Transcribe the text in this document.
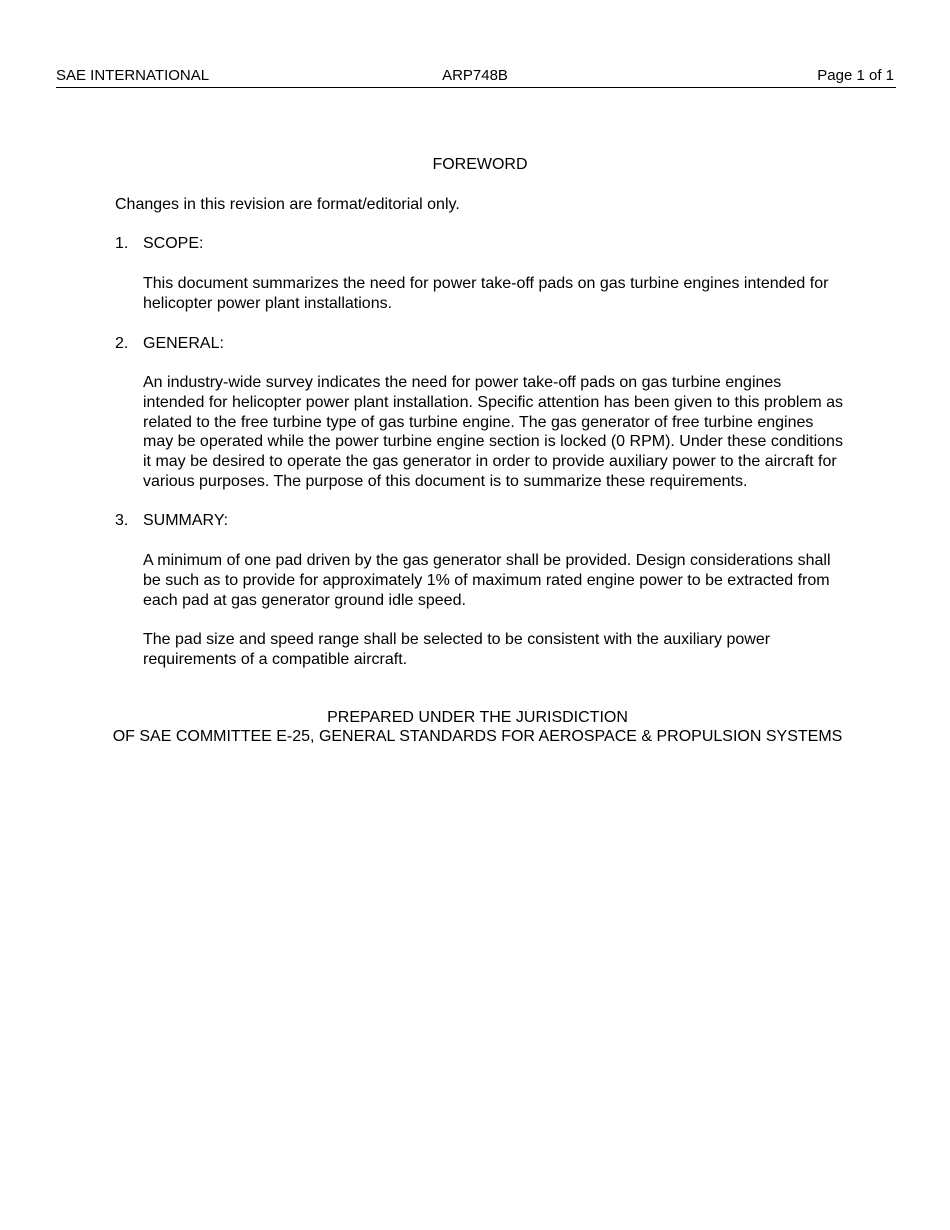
SAE INTERNATIONAL	ARP748B	Page 1 of 1
FOREWORD
Changes in this revision are format/editorial only.
1. SCOPE:
This document summarizes the need for power take-off pads on gas turbine engines intended for helicopter power plant installations.
2. GENERAL:
An industry-wide survey indicates the need for power take-off pads on gas turbine engines intended for helicopter power plant installation. Specific attention has been given to this problem as related to the free turbine type of gas turbine engine. The gas generator of free turbine engines may be operated while the power turbine engine section is locked (0 RPM). Under these conditions it may be desired to operate the gas generator in order to provide auxiliary power to the aircraft for various purposes. The purpose of this document is to summarize these requirements.
3. SUMMARY:
A minimum of one pad driven by the gas generator shall be provided. Design considerations shall be such as to provide for approximately 1% of maximum rated engine power to be extracted from each pad at gas generator ground idle speed.
The pad size and speed range shall be selected to be consistent with the auxiliary power requirements of a compatible aircraft.
PREPARED UNDER THE JURISDICTION
OF SAE COMMITTEE E-25, GENERAL STANDARDS FOR AEROSPACE & PROPULSION SYSTEMS
